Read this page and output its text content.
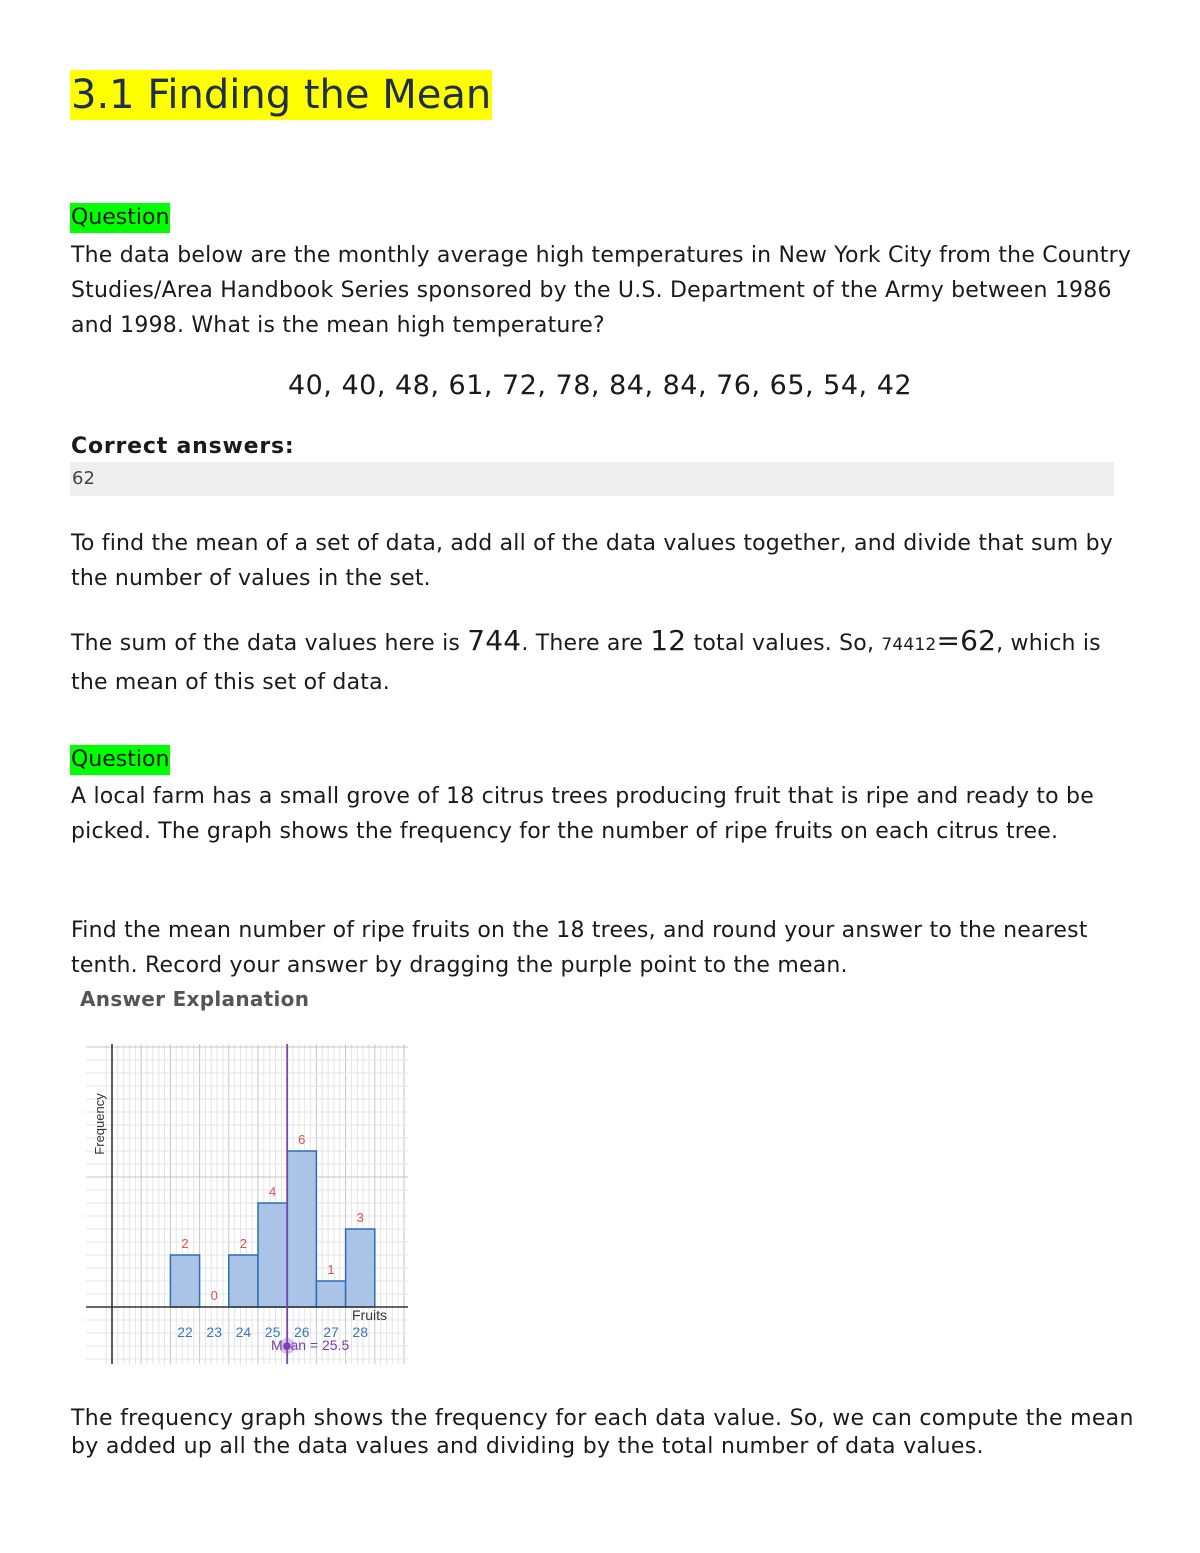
3.1 Finding the Mean
Question

The data below are the monthly average high temperatures in New York City from the Country Studies/Area Handbook Series sponsored by the U.S. Department of the Army between 1986 and 1998. What is the mean high temperature?

40, 40, 48, 61, 72, 78, 84, 84, 76, 65, 54, 42
Correct answers:
62

To find the mean of a set of data, add all of the data values together, and divide that sum by the number of values in the set.

The sum of the data values here is 744. There are 12 total values. So, 74412=62, which is the mean of this set of data.

Question

A local farm has a small grove of 18 citrus trees producing fruit that is ripe and ready to be picked. The graph shows the frequency for the number of ripe fruits on each citrus tree.

Find the mean number of ripe fruits on the 18 trees, and round your answer to the nearest tenth. Record your answer by dragging the purple point to the mean.

Answer Explanation
2
22
0
23
2
24
4
25
6
26
1
27
3
28
Frequency
Fruits
Mean = 25.5

The frequency graph shows the frequency for each data value. So, we can compute the mean by added up all the data values and dividing by the total number of data values.
